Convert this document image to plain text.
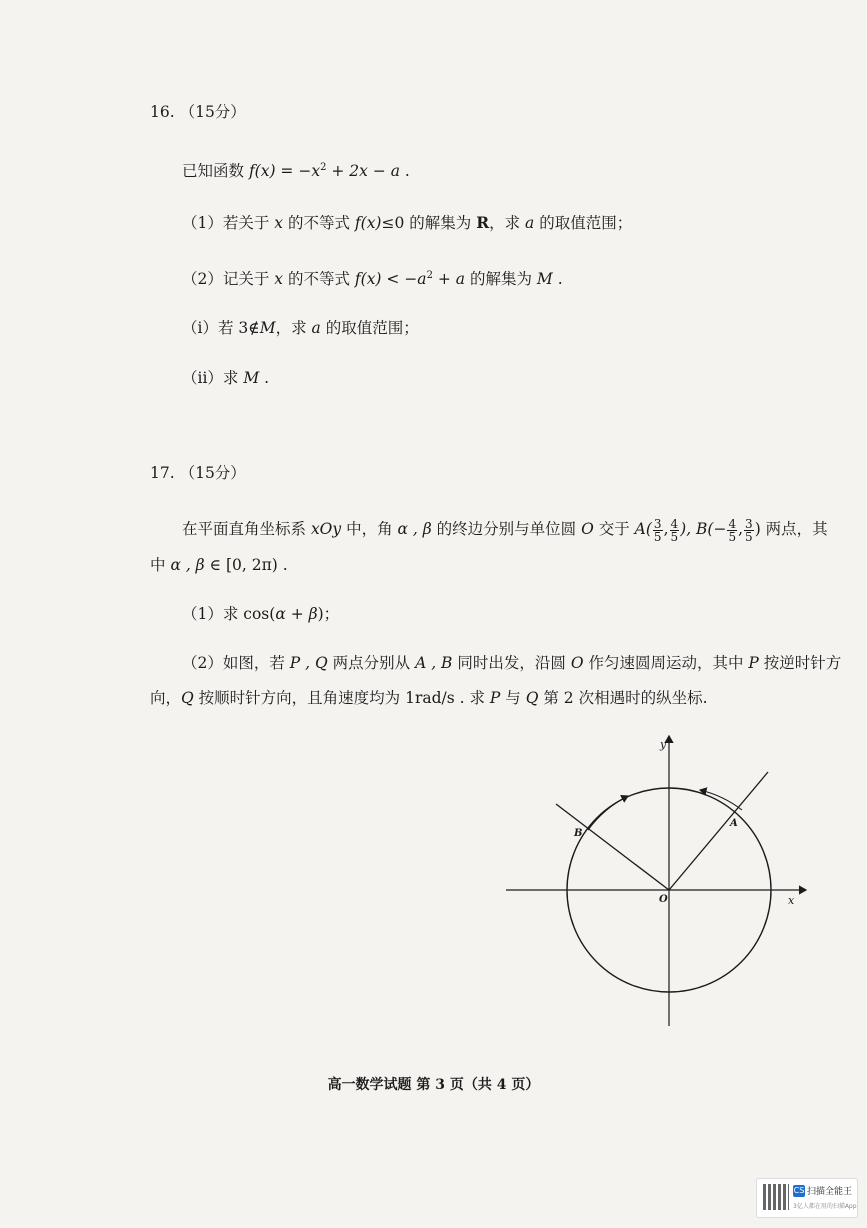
16. （15分）
已知函数 $f(x) = -x^2 + 2x - a$ .
（1）若关于 x 的不等式 f(x)≤0 的解集为 R，求 a 的取值范围；
（2）记关于 x 的不等式 $f(x) < -a^2 + a$ 的解集为 M .
（i）若 3∉M，求 a 的取值范围；
（ii）求 M .
17. （15分）
在平面直角坐标系 xOy 中，角 α , β 的终边分别与单位圆 O 交于 $A( \frac{3}{5}$ , $\frac{4}{5}$ ), $B(- \frac{4}{5}$ , $\frac{3}{5}$ ) 两点，其
中 α , β ∈ [0, 2π) .
（1）求 cos(α + β)；
（2）如图，若 P , Q 两点分别从 A , B 同时出发，沿圆 O 作匀速圆周运动，其中 P 按逆时针方
向，Q 按顺时针方向，且角速度均为 1rad/s . 求 P 与 Q 第 2 次相遇时的纵坐标.
y
x
O
A
B
高一数学试题 第 3 页（共 4 页）
CS 扫描全能王
3亿人都在用的扫描App
